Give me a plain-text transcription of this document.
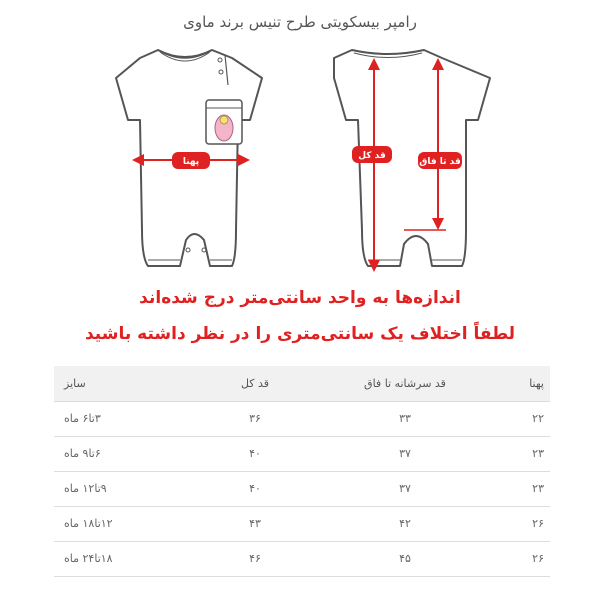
رامپر بیسکویتی طرح تنیس برند ماوی
پهنا
قد کل
قد تا فاق
اندازه‌ها به واحد سانتی‌متر درج شده‌اند
لطفاً اختلاف یک سانتی‌متری را در نظر داشته باشید
پهنا	قد سرشانه تا فاق	قد کل	سایز
۲۲	۳۳	۳۶	۳تا۶ ماه
۲۳	۳۷	۴۰	۶تا۹ ماه
۲۳	۳۷	۴۰	۹تا۱۲ ماه
۲۶	۴۲	۴۳	۱۲تا۱۸ ماه
۲۶	۴۵	۴۶	۱۸تا۲۴ ماه
